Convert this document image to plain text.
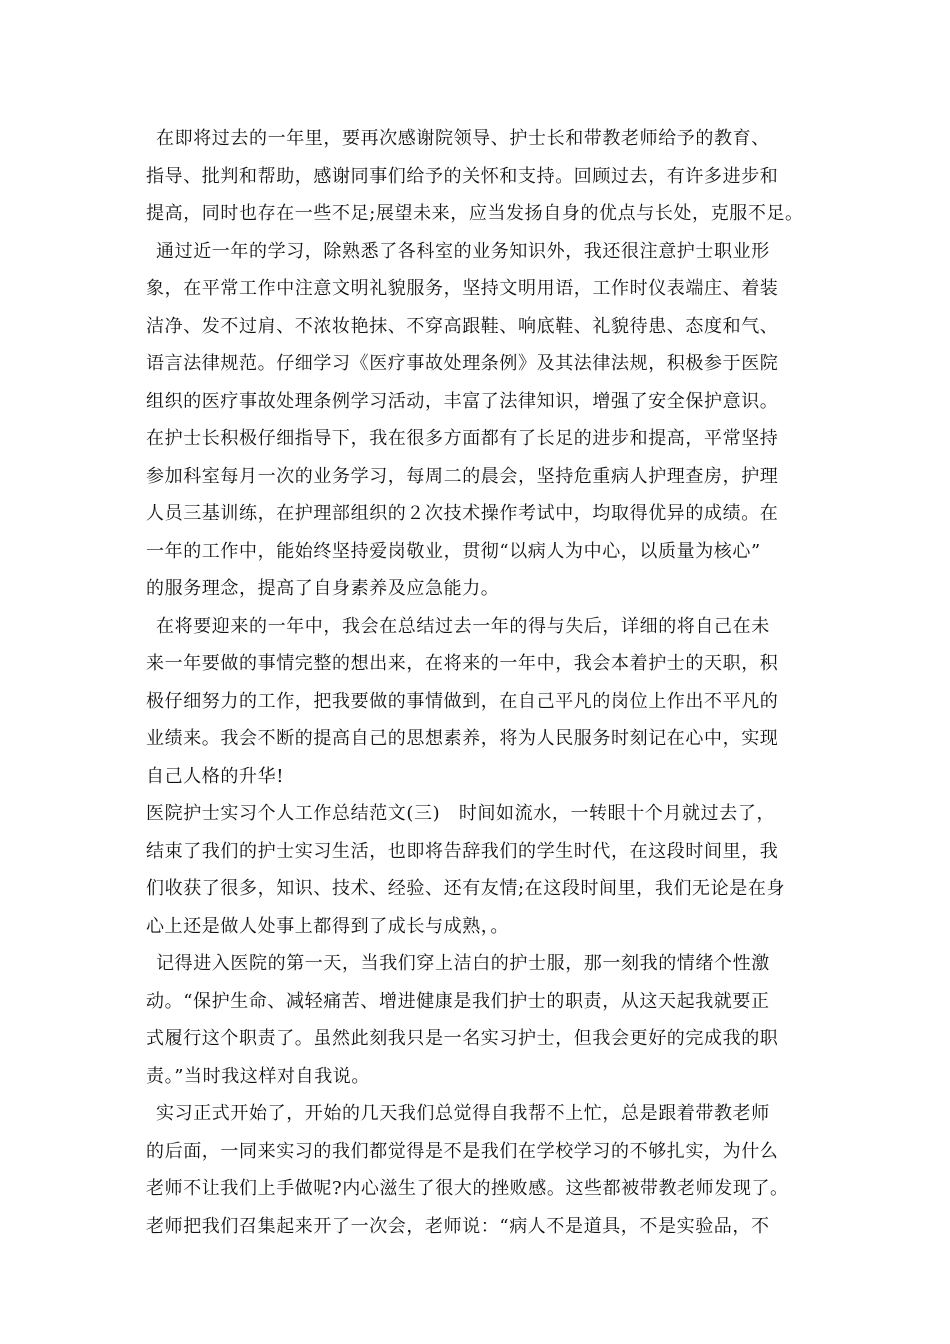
在即将过去的一年里，要再次感谢院领导、护士长和带教老师给予的教育、
指导、批判和帮助，感谢同事们给予的关怀和支持。回顾过去，有许多进步和
提高，同时也存在一些不足;展望未来，应当发扬自身的优点与长处，克服不足。
通过近一年的学习，除熟悉了各科室的业务知识外，我还很注意护士职业形
象，在平常工作中注意文明礼貌服务，坚持文明用语，工作时仪表端庄、着装
洁净、发不过肩、不浓妆艳抹、不穿高跟鞋、响底鞋、礼貌待患、态度和气、
语言法律规范。仔细学习《医疗事故处理条例》及其法律法规，积极参于医院
组织的医疗事故处理条例学习活动，丰富了法律知识，增强了安全保护意识。
在护士长积极仔细指导下，我在很多方面都有了长足的进步和提高，平常坚持
参加科室每月一次的业务学习，每周二的晨会，坚持危重病人护理查房，护理
人员三基训练，在护理部组织的２次技术操作考试中，均取得优异的成绩。在
一年的工作中，能始终坚持爱岗敬业，贯彻“以病人为中心，以质量为核心”
的服务理念，提高了自身素养及应急能力。
在将要迎来的一年中，我会在总结过去一年的得与失后，详细的将自己在未
来一年要做的事情完整的想出来，在将来的一年中，我会本着护士的天职，积
极仔细努力的工作，把我要做的事情做到，在自己平凡的岗位上作出不平凡的
业绩来。我会不断的提高自己的思想素养，将为人民服务时刻记在心中，实现
自己人格的升华!
医院护士实习个人工作总结范文(三)　时间如流水，一转眼十个月就过去了，
结束了我们的护士实习生活，也即将告辞我们的学生时代，在这段时间里，我
们收获了很多，知识、技术、经验、还有友情;在这段时间里，我们无论是在身
心上还是做人处事上都得到了成长与成熟，。
记得进入医院的第一天，当我们穿上洁白的护士服，那一刻我的情绪个性激
动。“保护生命、减轻痛苦、增进健康是我们护士的职责，从这天起我就要正
式履行这个职责了。虽然此刻我只是一名实习护士，但我会更好的完成我的职
责。”当时我这样对自我说。
实习正式开始了，开始的几天我们总觉得自我帮不上忙，总是跟着带教老师
的后面，一同来实习的我们都觉得是不是我们在学校学习的不够扎实，为什么
老师不让我们上手做呢?内心滋生了很大的挫败感。这些都被带教老师发现了。
老师把我们召集起来开了一次会，老师说：“病人不是道具，不是实验品，不
